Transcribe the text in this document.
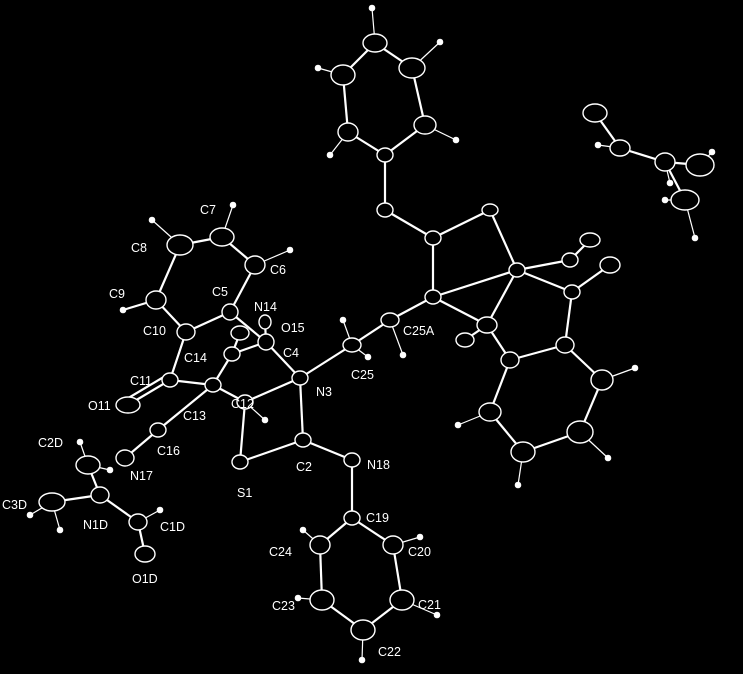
C7
C8
C6
C9	C5
N14
O15
C10
C4
C14
C25A
C11
N3
C25
O11	C12
C13
C2D
C16
N17
C2	N18
S1
C3D
N1D	C1D
C19
C24	C20
O1D
C23	C21
C22
